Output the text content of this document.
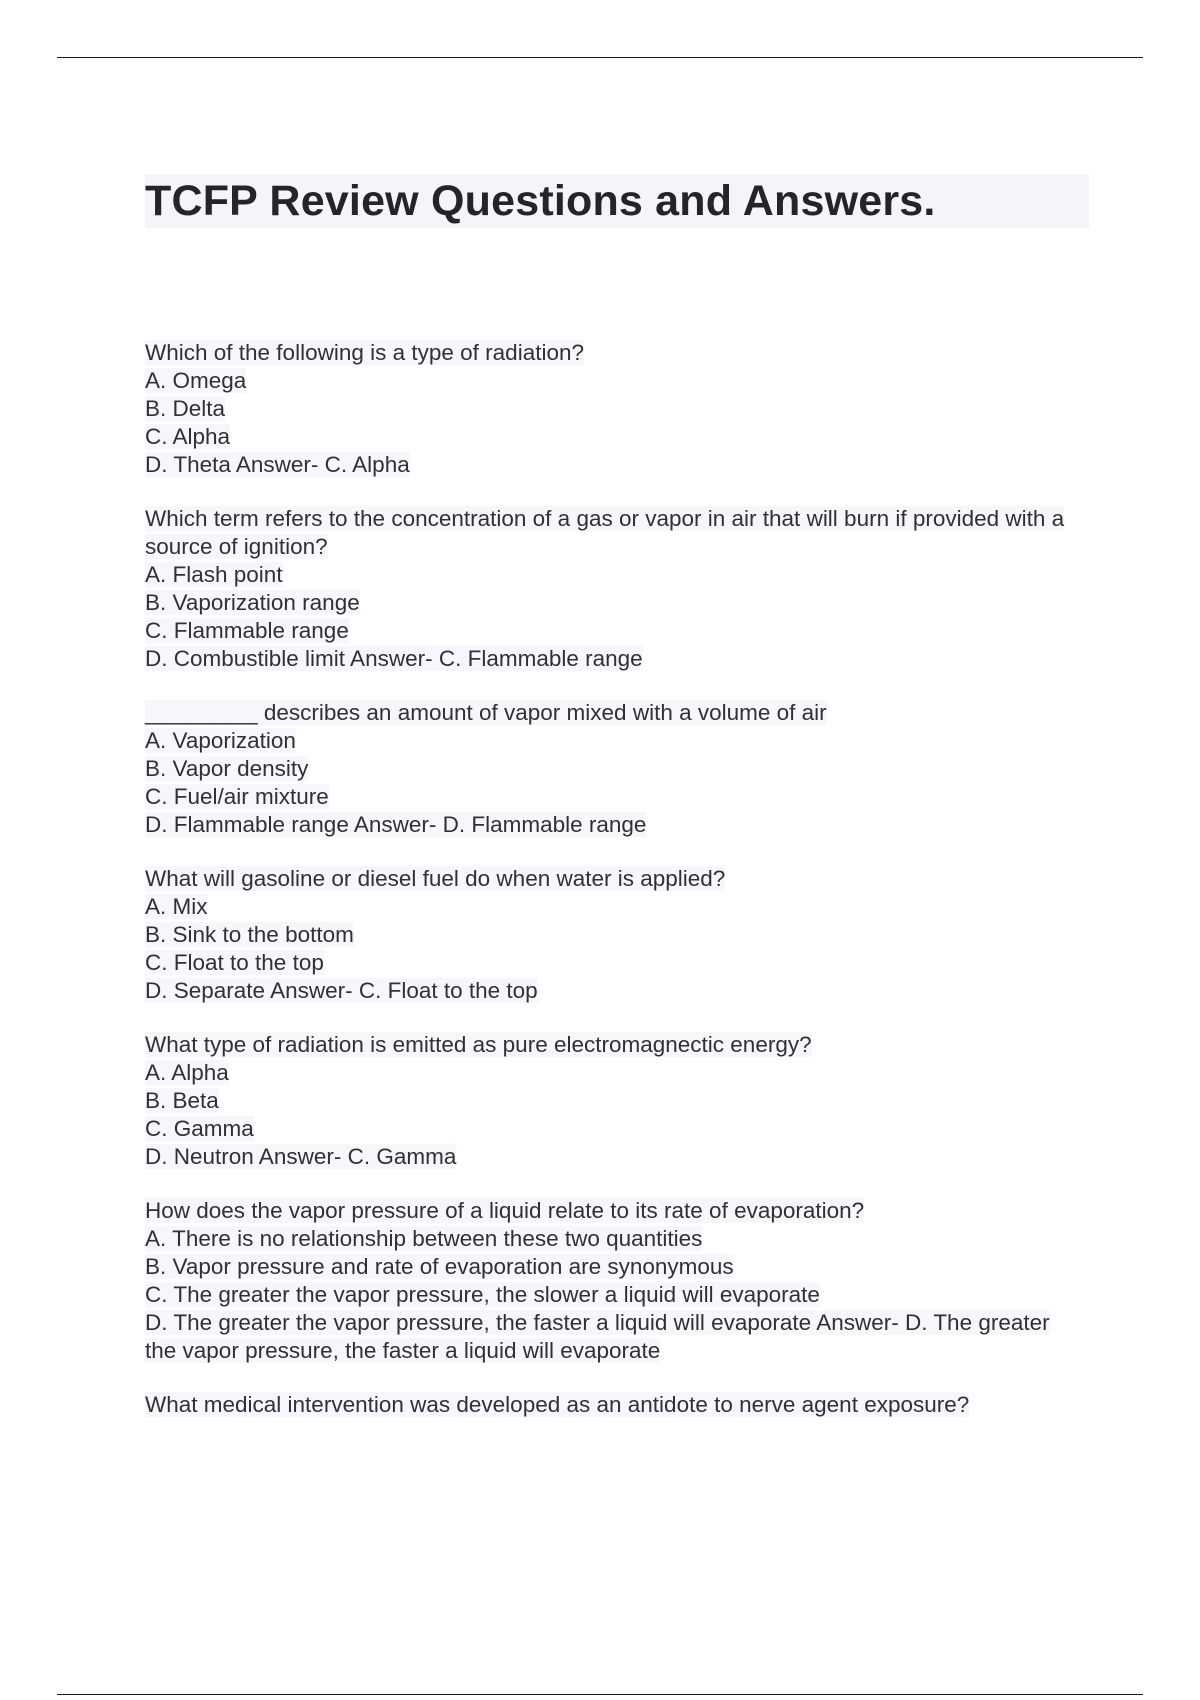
TCFP Review Questions and Answers.
Which of the following is a type of radiation?
A. Omega
B. Delta
C. Alpha
D. Theta Answer- C. Alpha
Which term refers to the concentration of a gas or vapor in air that will burn if provided with a source of ignition?
A. Flash point
B. Vaporization range
C. Flammable range
D. Combustible limit Answer- C. Flammable range
_________ describes an amount of vapor mixed with a volume of air
A. Vaporization
B. Vapor density
C. Fuel/air mixture
D. Flammable range Answer- D. Flammable range
What will gasoline or diesel fuel do when water is applied?
A. Mix
B. Sink to the bottom
C. Float to the top
D. Separate Answer- C. Float to the top
What type of radiation is emitted as pure electromagnectic energy?
A. Alpha
B. Beta
C. Gamma
D. Neutron Answer- C. Gamma
How does the vapor pressure of a liquid relate to its rate of evaporation?
A. There is no relationship between these two quantities
B. Vapor pressure and rate of evaporation are synonymous
C. The greater the vapor pressure, the slower a liquid will evaporate
D. The greater the vapor pressure, the faster a liquid will evaporate Answer- D. The greater the vapor pressure, the faster a liquid will evaporate
What medical intervention was developed as an antidote to nerve agent exposure?
